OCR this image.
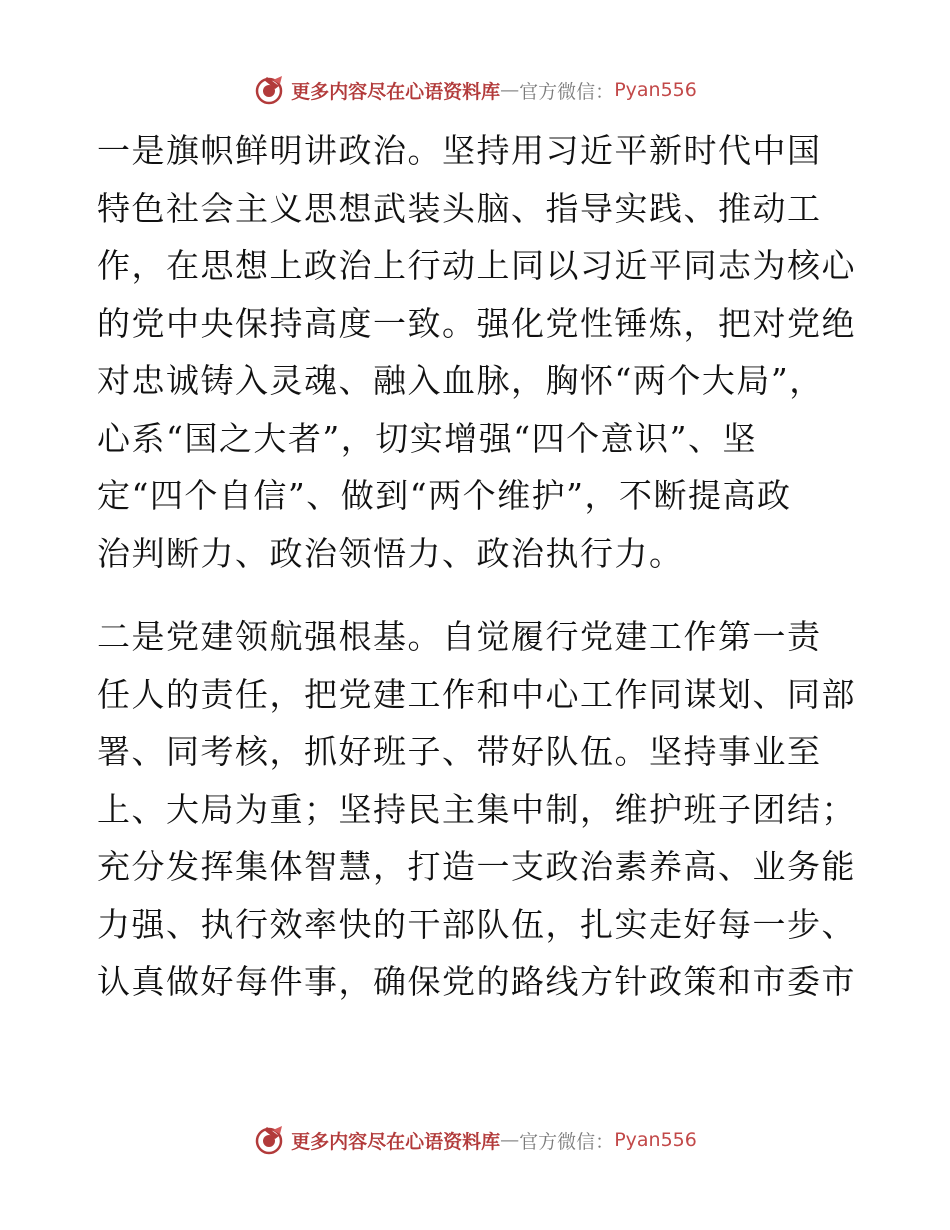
更多内容尽在心语资料库 — 官方微信： Pyan556

一是旗帜鲜明讲政治。坚持用习近平新时代中国
特色社会主义思想武装头脑、指导实践、推动工
作，在思想上政治上行动上同以习近平同志为核心
的党中央保持高度一致。强化党性锤炼，把对党绝
对忠诚铸入灵魂、融入血脉，胸怀“两个大局”，
心系“国之大者”，切实增强“四个意识”、坚
定“四个自信”、做到“两个维护”，不断提高政
治判断力、政治领悟力、政治执行力。

二是党建领航强根基。自觉履行党建工作第一责
任人的责任，把党建工作和中心工作同谋划、同部
署、同考核，抓好班子、带好队伍。坚持事业至
上、大局为重；坚持民主集中制，维护班子团结；
充分发挥集体智慧，打造一支政治素养高、业务能
力强、执行效率快的干部队伍，扎实走好每一步、
认真做好每件事，确保党的路线方针政策和市委市

更多内容尽在心语资料库 — 官方微信： Pyan556
